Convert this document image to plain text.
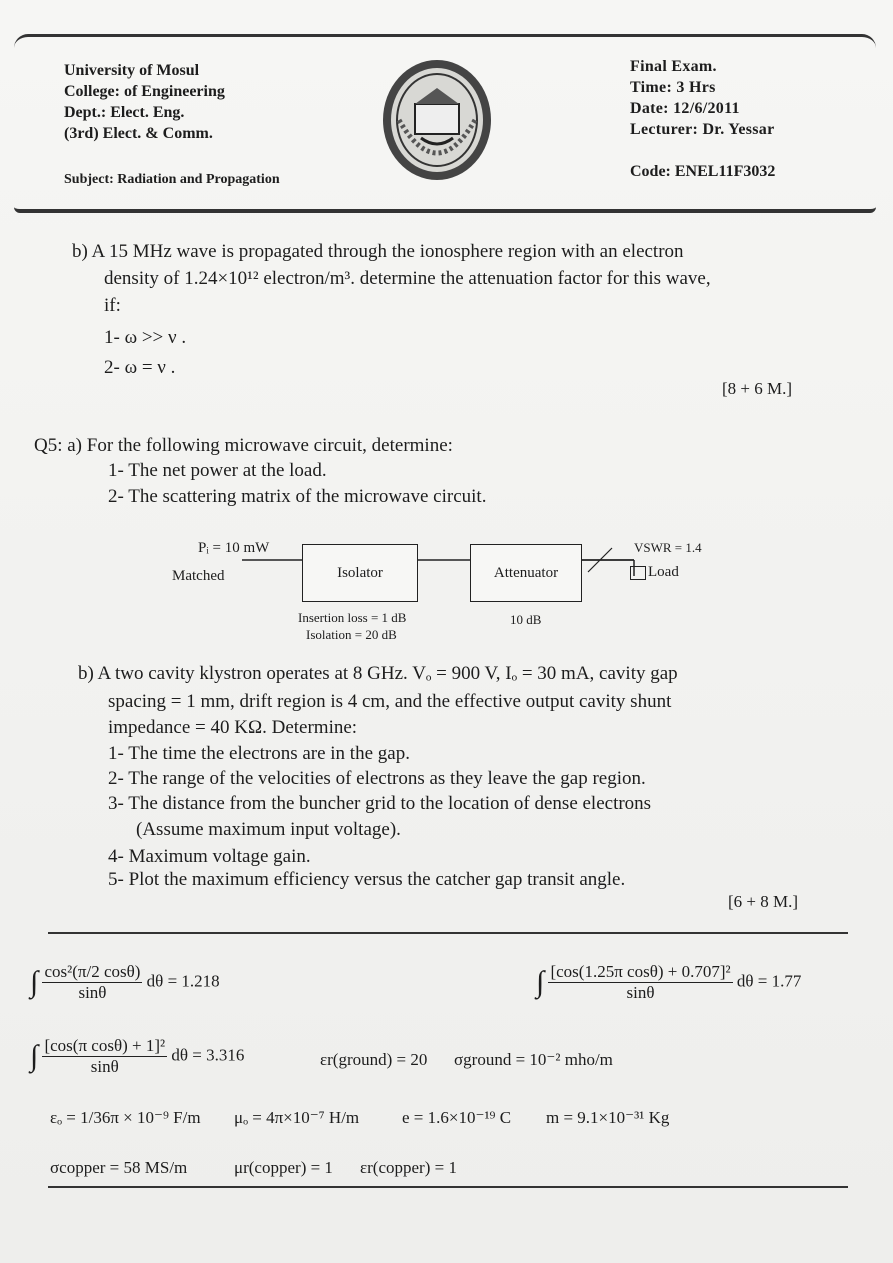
University of Mosul
College: of Engineering
Dept.: Elect. Eng.
(3rd) Elect. & Comm.
Subject: Radiation and Propagation
Final Exam.
Time: 3 Hrs
Date: 12/6/2011
Lecturer: Dr. Yessar
Code: ENEL11F3032
b) A 15 MHz wave is propagated through the ionosphere region with an electron
density of 1.24×10¹² electron/m³. determine the attenuation factor for this wave,
if:
1- ω >> ν .
2- ω = ν .
[8 + 6 M.]
Q5: a) For the following microwave circuit, determine:
1- The net power at the load.
2- The scattering matrix of the microwave circuit.
Pᵢ = 10 mW
Matched	Isolator
Insertion loss = 1 dB
Isolation = 20 dB
Attenuator
10 dB
VSWR = 1.4
Load
b) A two cavity klystron operates at 8 GHz. Vₒ = 900 V, Iₒ = 30 mA, cavity gap
spacing = 1 mm, drift region is 4 cm, and the effective output cavity shunt
impedance = 40 KΩ. Determine:
1- The time the electrons are in the gap.
2- The range of the velocities of electrons as they leave the gap region.
3- The distance from the buncher grid to the location of dense electrons
(Assume maximum input voltage).
4- Maximum voltage gain.
5- Plot the maximum efficiency versus the catcher gap transit angle.
[6 + 8 M.]
∫ $\frac{\text{cos²(π/2 cosθ)}}{\sin\theta}$ dθ = 1.218	∫ $\frac{\text{[cos(1.25π cosθ) + 0.707]²}}{\sin\theta}$ dθ = 1.77
∫ $\frac{\text{[cos(π cosθ) + 1]²}}{\sin\theta}$ dθ = 3.316	εr(ground) = 20 σground = 10⁻² mho/m
εₒ = 1/36π × 10⁻⁹ F/m μₒ = 4π×10⁻⁷ H/m	e = 1.6×10⁻¹⁹ C m = 9.1×10⁻³¹ Kg
σcopper = 58 MS/m	μr(copper) = 1 εr(copper) = 1
